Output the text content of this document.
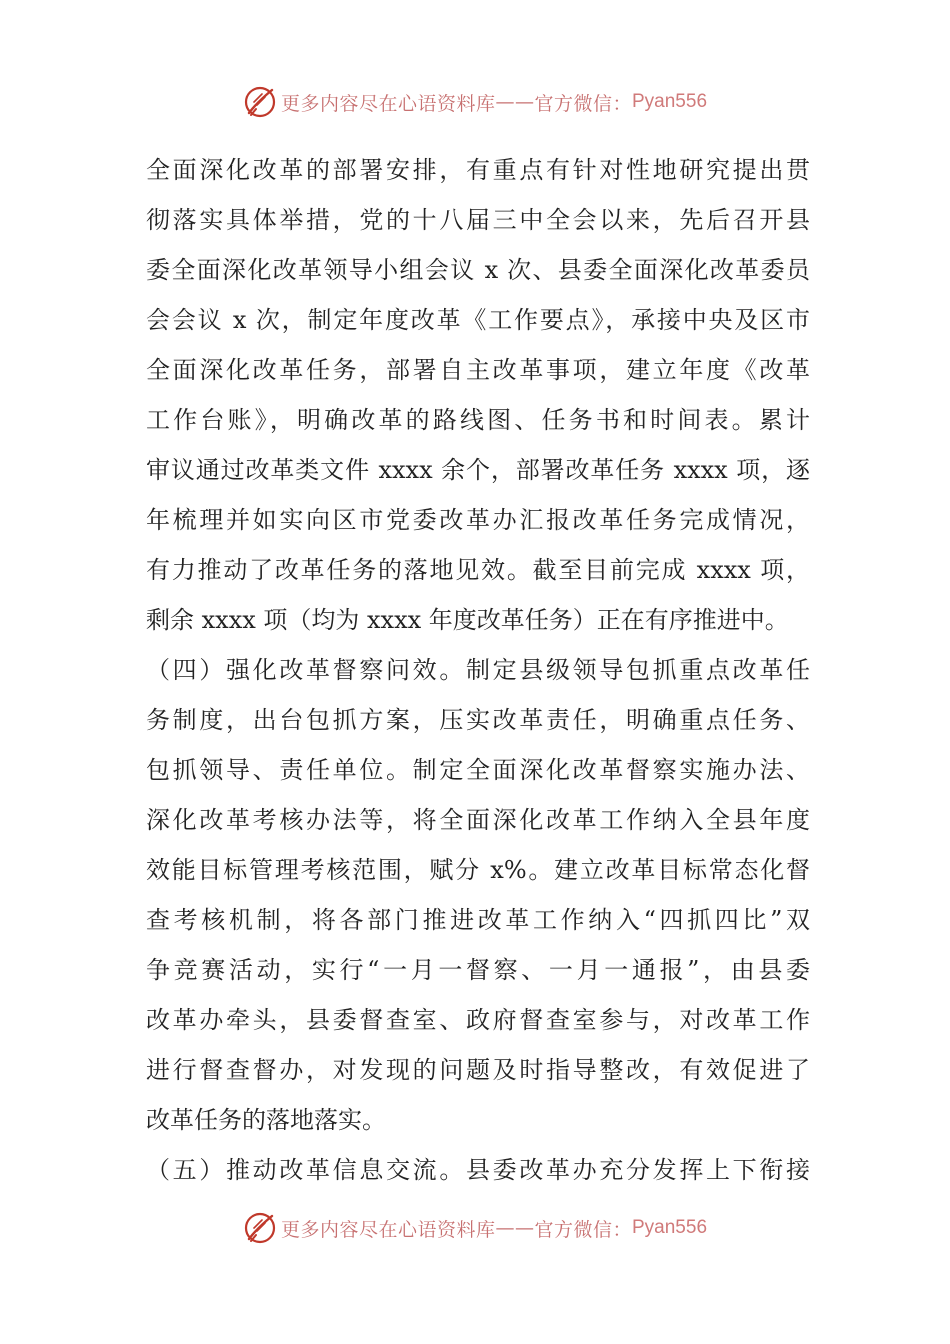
更多内容尽在心语资料库 —— 官方微信： Pyan556
全面深化改革的部署安排，有重点有针对性地研究提出贯
彻落实具体举措，党的十八届三中全会以来，先后召开县
委全面深化改革领导小组会议 x 次、县委全面深化改革委员
会会议 x 次，制定年度改革《工作要点》，承接中央及区市
全面深化改革任务，部署自主改革事项，建立年度《改革
工作台账》，明确改革的路线图、任务书和时间表。累计
审议通过改革类文件 xxxx 余个，部署改革任务 xxxx 项，逐
年梳理并如实向区市党委改革办汇报改革任务完成情况，
有力推动了改革任务的落地见效。截至目前完成 xxxx 项，
剩余 xxxx 项（均为 xxxx 年度改革任务）正在有序推进中。
（四）强化改革督察问效。制定县级领导包抓重点改革任
务制度，出台包抓方案，压实改革责任，明确重点任务、
包抓领导、责任单位。制定全面深化改革督察实施办法、
深化改革考核办法等，将全面深化改革工作纳入全县年度
效能目标管理考核范围，赋分 x%。建立改革目标常态化督
查考核机制，将各部门推进改革工作纳入“四抓四比”双
争竞赛活动，实行“一月一督察、一月一通报”，由县委
改革办牵头，县委督查室、政府督查室参与，对改革工作
进行督查督办，对发现的问题及时指导整改，有效促进了
改革任务的落地落实。
（五）推动改革信息交流。县委改革办充分发挥上下衔接
更多内容尽在心语资料库 —— 官方微信： Pyan556
